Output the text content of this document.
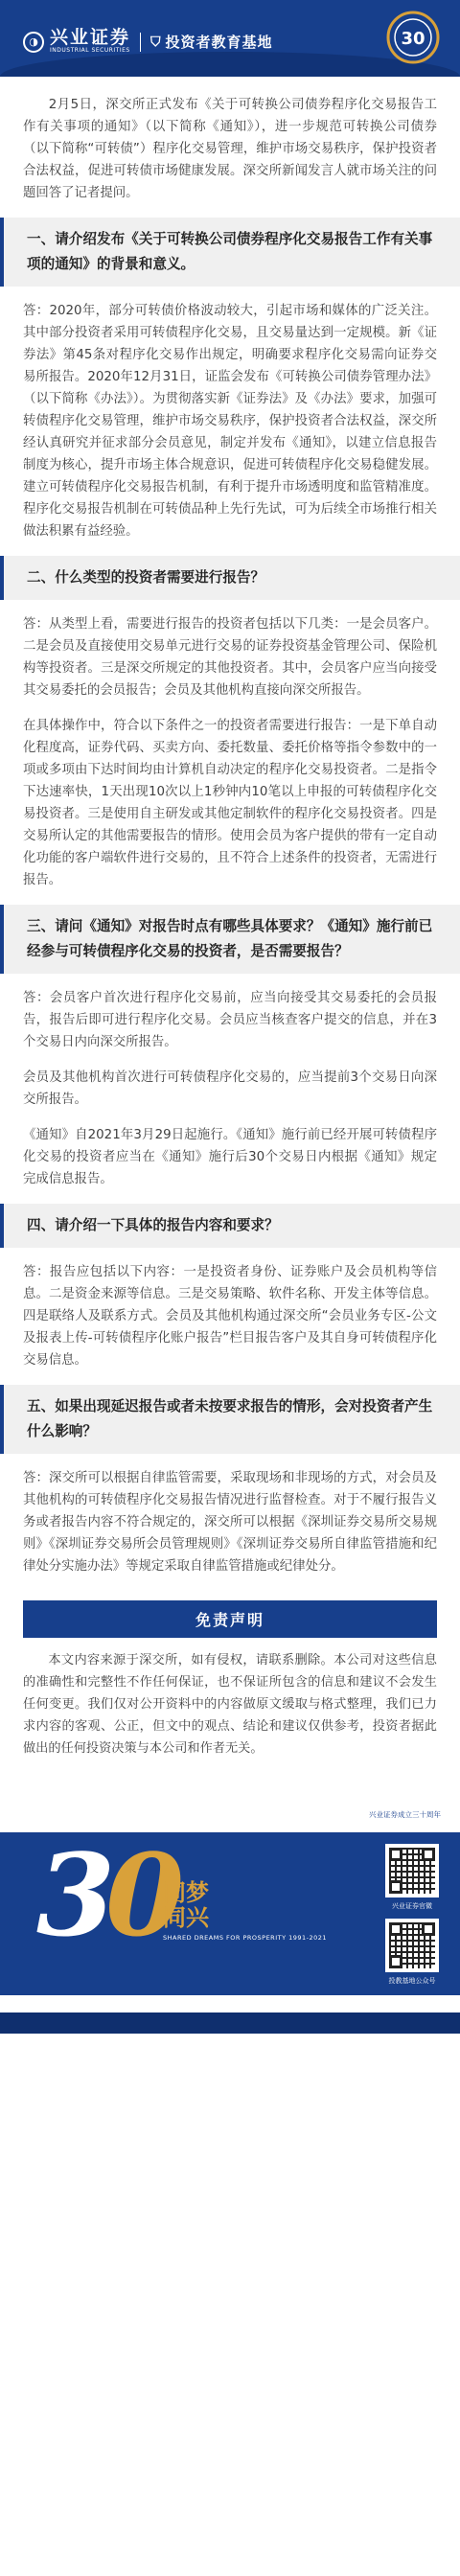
◑ 兴业证券
INDUSTRIAL SECURITIES
⛉ 投资者教育基地	30

2月5日，深交所正式发布《关于可转换公司债券程序化交易报告工作有关事项的通知》（以下简称《通知》），进一步规范可转换公司债券（以下简称“可转债”）程序化交易管理，维护市场交易秩序，保护投资者合法权益，促进可转债市场健康发展。深交所新闻发言人就市场关注的问题回答了记者提问。

一、请介绍发布《关于可转换公司债券程序化交易报告工作有关事项的通知》的背景和意义。

答：2020年，部分可转债价格波动较大，引起市场和媒体的广泛关注。其中部分投资者采用可转债程序化交易，且交易量达到一定规模。新《证券法》第45条对程序化交易作出规定，明确要求程序化交易需向证券交易所报告。2020年12月31日，证监会发布《可转换公司债券管理办法》（以下简称《办法》）。为贯彻落实新《证券法》及《办法》要求，加强可转债程序化交易管理，维护市场交易秩序，保护投资者合法权益，深交所经认真研究并征求部分会员意见，制定并发布《通知》，以建立信息报告制度为核心，提升市场主体合规意识，促进可转债程序化交易稳健发展。建立可转债程序化交易报告机制，有利于提升市场透明度和监管精准度。程序化交易报告机制在可转债品种上先行先试，可为后续全市场推行相关做法积累有益经验。

二、什么类型的投资者需要进行报告？

答：从类型上看，需要进行报告的投资者包括以下几类：一是会员客户。二是会员及直接使用交易单元进行交易的证券投资基金管理公司、保险机构等投资者。三是深交所规定的其他投资者。其中，会员客户应当向接受其交易委托的会员报告；会员及其他机构直接向深交所报告。

在具体操作中，符合以下条件之一的投资者需要进行报告：一是下单自动化程度高，证券代码、买卖方向、委托数量、委托价格等指令参数中的一项或多项由下达时间均由计算机自动决定的程序化交易投资者。二是指令下达速率快，1天出现10次以上1秒钟内10笔以上申报的可转债程序化交易投资者。三是使用自主研发或其他定制软件的程序化交易投资者。四是交易所认定的其他需要报告的情形。使用会员为客户提供的带有一定自动化功能的客户端软件进行交易的，且不符合上述条件的投资者，无需进行报告。

三、请问《通知》对报告时点有哪些具体要求？《通知》施行前已经参与可转债程序化交易的投资者，是否需要报告？

答：会员客户首次进行程序化交易前，应当向接受其交易委托的会员报告，报告后即可进行程序化交易。会员应当核查客户提交的信息，并在3个交易日内向深交所报告。

会员及其他机构首次进行可转债程序化交易的，应当提前3个交易日向深交所报告。

《通知》自2021年3月29日起施行。《通知》施行前已经开展可转债程序化交易的投资者应当在《通知》施行后30个交易日内根据《通知》规定完成信息报告。

四、请介绍一下具体的报告内容和要求？

答：报告应包括以下内容：一是投资者身份、证券账户及会员机构等信息。二是资金来源等信息。三是交易策略、软件名称、开发主体等信息。四是联络人及联系方式。会员及其他机构通过深交所“会员业务专区-公文及报表上传-可转债程序化账户报告”栏目报告客户及其自身可转债程序化交易信息。

五、如果出现延迟报告或者未按要求报告的情形，会对投资者产生什么影响？

答：深交所可以根据自律监管需要，采取现场和非现场的方式，对会员及其他机构的可转债程序化交易报告情况进行监督检查。对于不履行报告义务或者报告内容不符合规定的，深交所可以根据《深圳证券交易所交易规则》《深圳证券交易所会员管理规则》《深圳证券交易所自律监管措施和纪律处分实施办法》等规定采取自律监管措施或纪律处分。

免责声明

本文内容来源于深交所，如有侵权，请联系删除。本公司对这些信息的准确性和完整性不作任何保证，也不保证所包含的信息和建议不会发生任何变更。我们仅对公开资料中的内容做原文缓取与格式整理，我们已力求内容的客观、公正，但文中的观点、结论和建议仅供参考，投资者据此做出的任何投资决策与本公司和作者无关。

兴业证券成立三十周年
30
同梦
同兴
SHARED DREAMS FOR PROSPERITY 1991-2021
兴业证券官微
投教基地公众号
